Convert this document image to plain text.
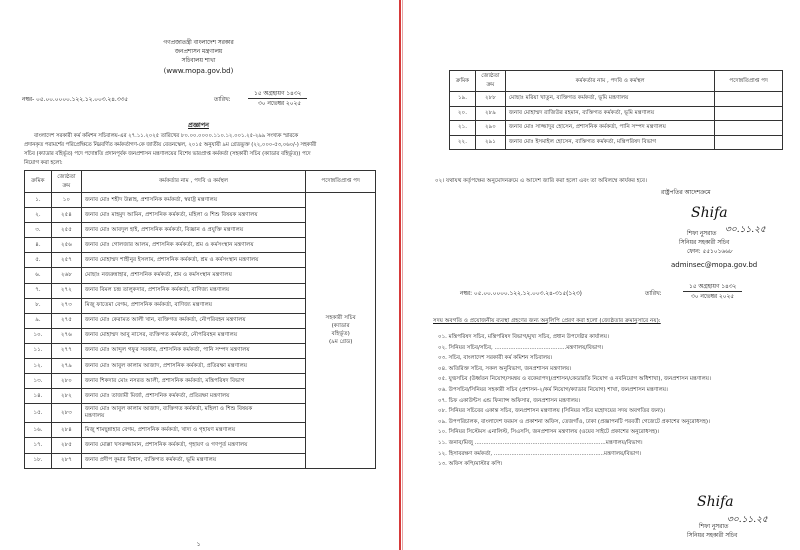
গণপ্রজাতন্ত্রী বাংলাদেশ সরকার
জনপ্রশাসন মন্ত্রণালয়
সচিবালয় শাখা
(www.mopa.gov.bd)
নম্বর- ০৫.০০.০০০০.১২২.১২.০০৩.২৪.৩৩৫	তারিখ:
১৫ অগ্রহায়ণ ১৪৩২
৩০ নভেম্বর ২০২৫
প্রজ্ঞাপন
বাংলাদেশ সরকারী কর্ম কমিশন সচিবালয়-এর ২৭.১১.২০২৫ তারিখের ৮০.০০.০০০০.১১০.১২.০০১.২৫-২৯৯ সংখ্যক স্মারকে
প্রদানকৃত পরামর্শের পরিপ্রেক্ষিতে নিম্নবর্ণিত কর্মকর্তাগণ-কে জাতীয় বেতনস্কেল, ২০১৫ অনুযায়ী ৯ম গ্রেডভুক্ত (২২,০০০-৫৩,০৬০/-) সহকারী
সচিব (ক্যাডার বহির্ভূত) পদে পদোন্নতি প্রদানপূর্বক জনপ্রশাসন মন্ত্রণালয়ের বিশেষ ভারপ্রাপ্ত কর্মকর্তা (সহকারী সচিব (ক্যাডার বহির্ভূত)) পদে
নিয়োগ করা হলো:
ক্রমিক	জ্যেষ্ঠতা ক্রম	কর্মকর্তার নাম , পদবি ও কর্মস্থল	পদোন্নতিপ্রাপ্ত পদ
১.	১০	জনাব মোঃ শহীদ উল্লাহ, প্রশাসনিক কর্মকর্তা, স্বরাষ্ট্র মন্ত্রণালয়	সহকারী সচিব
(ক্যাডার
বহির্ভূত)
(৯ম গ্রেড)

২.	২৫৪	জনাব মোঃ মাহমুদ আমিন, প্রশাসনিক কর্মকর্তা, মহিলা ও শিশু বিষয়ক মন্ত্রণালয়	
৩.	২৫৫	জনাব মোঃ আবদুল হাই, প্রশাসনিক কর্মকর্তা, বিজ্ঞান ও প্রযুক্তি মন্ত্রণালয়	
৪.	২৫৬	জনাব মোঃ গোলজার আলম, প্রশাসনিক কর্মকর্তা, শ্রম ও কর্মসংস্থান মন্ত্রণালয়	
৫.	২৫৭	জনাব মোহাম্মদ শাহীনুর ইসলাম, প্রশাসনিক কর্মকর্তা, শ্রম ও কর্মসংস্থান মন্ত্রণালয়	
৬.	২৬৮	মোছাঃ নজরুন্নাহার, প্রশাসনিক কর্মকর্তা, শ্রম ও কর্মসংস্থান মন্ত্রণালয়	
৭.	২৭২	জনাব বিমল চন্দ্র তালুকদার, প্রশাসনিক কর্মকর্তা, বাণিজ্য মন্ত্রণালয়	
৮.	২৭৩	মিজু ফাতেমা বেগম, প্রশাসনিক কর্মকর্তা, বাণিজ্য মন্ত্রণালয়	
৯.	২৭৫	জনাব মোঃ কেরামত আলী খান, ব্যক্তিগত কর্মকর্তা, নৌপরিবহন মন্ত্রণালয়	
১০.	২৭৬	জনাব মোহাম্মদ আবু নাসের, ব্যক্তিগত কর্মকর্তা, নৌপরিবহন মন্ত্রণালয়	
১১.	২৭৭	জনাব মোঃ আব্দুল গফুর সরকার, প্রশাসনিক কর্মকর্তা, পানি সম্পদ মন্ত্রণালয়	
১২.	২৭৯	জনাব মোঃ আবুল কালাম আজাদ, প্রশাসনিক কর্মকর্তা, প্রতিরক্ষা মন্ত্রণালয়	
১৩.	২৮০	জনাব শিকদার মোঃ নসরত আলী, প্রশাসনিক কর্মকর্তা, মন্ত্রিপরিষদ বিভাগ	
১৪.	২৮২	জনাব মোঃ তাজামী মির্জা, প্রশাসনিক কর্মকর্তা, প্রতিরক্ষা মন্ত্রণালয়	
১৫.	২৮৩	জনাব মোঃ আবুল কালাম আজাদ, ব্যক্তিগত কর্মকর্তা, মহিলা ও শিশু বিষয়ক
মন্ত্রণালয়	
১৬.	২৮৪	মিজু শামছুন্নাহার বেগম, প্রশাসনিক কর্মকর্তা, খাদ্য ও গৃহায়ণ মন্ত্রণালয়	
১৭.	২৮৫	জনাব মোল্লা খসরুজ্জামান, প্রশাসনিক কর্মকর্তা, গৃহায়ণ ও গণপূর্ত মন্ত্রণালয়	
১৮.	২৮৭	জনাব প্রদীপ কুমার বিশ্বাস, ব্যক্তিগত কর্মকর্তা, ভূমি মন্ত্রণালয়	
১
ক্রমিক	জ্যেষ্ঠতা ক্রম	কর্মকর্তার নাম , পদবি ও কর্মস্থল	পদোন্নতিপ্রাপ্ত পদ
১৯.	২৮৮	মোছাঃ মরিয়া খাতুন, ব্যক্তিগত কর্মকর্তা, ভূমি মন্ত্রণালয়	
২০.	২৮৯	জনাব মোহাম্মদ রাজিউর রহমান, ব্যক্তিগত কর্মকর্তা, ভূমি মন্ত্রণালয়	
২১.	২৯০	জনাব মোঃ সাজ্জাদুর হোসেন, প্রশাসনিক কর্মকর্তা, পানি সম্পদ মন্ত্রণালয়	
২২.	২৯১	জনাব মোঃ ইসমাইল হোসেন, ব্যক্তিগত কর্মকর্তা, মন্ত্রিপরিষদ বিভাগ	
০২। যথাযথ কর্তৃপক্ষের অনুমোদনক্রমে এ আদেশ জারি করা হলো এবং তা অবিলম্বে কার্যকর হবে।
রাষ্ট্রপতির আদেশক্রমে
Shifa
৩০.১১.২৫
শিফা নুসরাত
সিনিয়র সহকারী সচিব
ফোন: ৫৫১০১৬৬৮
adminsec@mopa.gov.bd
নম্বর: ০৫.০০.০০০০.১২২.১২.০০৩.২৪-৩১৫(১২৩)	তারিখ:
১৫ অগ্রহায়ণ ১৪৩২
৩০ নভেম্বর ২০২৫
সদয় অবগতি ও প্রয়োজনীয় ব্যবস্থা গ্রহণের জন্য অনুলিপি প্রেরণ করা হলো (জ্যেষ্ঠতার ক্রমানুসারে নয়):
০১. মন্ত্রিপরিষদ সচিব, মন্ত্রিপরিষদ বিভাগ/মুখ্য সচিব, প্রধান উপদেষ্টার কার্যালয়।
০২. সিনিয়র সচিব/সচিব, .........................................মন্ত্রণালয়/বিভাগ।
০৩. সচিব, বাংলাদেশ সরকারী কর্ম কমিশন সচিবালয়।
০৪. অতিরিক্ত সচিব, সকল অনুবিভাগ, জনপ্রশাসন মন্ত্রণালয়।
০৫. যুগ্মসচিব (উর্ধ্বতন নিয়োগ/সমন্বয় ও বকেয়াপদ)/প্রশাসন/কেডারতি নিয়োগ ও নবনিয়োগ অধিশাখা), জনপ্রশাসন মন্ত্রণালয়।
০৬. উপসচিব/সিনিয়র সহকারী সচিব (প্রশাসন-২/কর্ম নিয়োগ/ক্যাডার নিয়োগ) শাখা, জনপ্রশাসন মন্ত্রণালয়।
০৭. চিফ একাউন্টস এন্ড ফিন্যান্স অফিসার, জনপ্রশাসন মন্ত্রণালয়।
০৮. সিনিয়র সচিবের একান্ত সচিব, জনপ্রশাসন মন্ত্রণালয় (সিনিয়র সচিব মহোদয়ের সদয় অবগতির জন্য)।
০৯. উপপরিচালক, বাংলাদেশ ফরমস ও প্রকাশনা অফিস, তেজগাঁও, ঢাকা (প্রজ্ঞাপনটি পরবর্তী গেজেটে প্রকাশের অনুরোধসহ)।
১০. সিনিয়র সিস্টেমস এনালিস্ট, সিএসসি, জনপ্রশাসন মন্ত্রণালয় (ওয়েব সাইটে প্রকাশের অনুরোধসহ)।
১১. জনাব/মিজু ...........................................................................মন্ত্রণালয়/বিভাগ।
১২. হিসাবরক্ষণ কর্মকর্তা, ...............................................................মন্ত্রণালয়/বিভাগ।
১৩. অফিস কপি/মাস্টার কপি।
Shifa
৩০.১১.২৫
শিফা নুসরাত
সিনিয়র সহকারী সচিব
